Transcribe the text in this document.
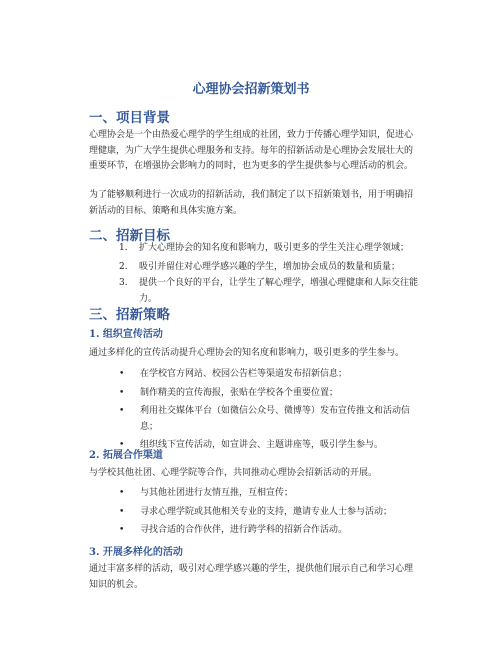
心理协会招新策划书
一、项目背景

心理协会是一个由热爱心理学的学生组成的社团，致力于传播心理学知识，促进心理健康，为广大学生提供心理服务和支持。每年的招新活动是心理协会发展壮大的重要环节，在增强协会影响力的同时，也为更多的学生提供参与心理活动的机会。

为了能够顺利进行一次成功的招新活动，我们制定了以下招新策划书，用于明确招新活动的目标、策略和具体实施方案。

二、招新目标
1.	扩大心理协会的知名度和影响力，吸引更多的学生关注心理学领域；
2.	吸引并留住对心理学感兴趣的学生，增加协会成员的数量和质量；
3.	提供一个良好的平台，让学生了解心理学，增强心理健康和人际交往能力。
三、招新策略
1. 组织宣传活动

通过多样化的宣传活动提升心理协会的知名度和影响力，吸引更多的学生参与。

•	在学校官方网站、校园公告栏等渠道发布招新信息；
•	制作精美的宣传海报，张贴在学校各个重要位置；
•	利用社交媒体平台（如微信公众号、微博等）发布宣传推文和活动信息；
•	组织线下宣传活动，如宣讲会、主题讲座等，吸引学生参与。
2. 拓展合作渠道

与学校其他社团、心理学院等合作，共同推动心理协会招新活动的开展。

•	与其他社团进行友情互推，互相宣传；
•	寻求心理学院或其他相关专业的支持，邀请专业人士参与活动；
•	寻找合适的合作伙伴，进行跨学科的招新合作活动。
3. 开展多样化的活动

通过丰富多样的活动，吸引对心理学感兴趣的学生，提供他们展示自己和学习心理知识的机会。
